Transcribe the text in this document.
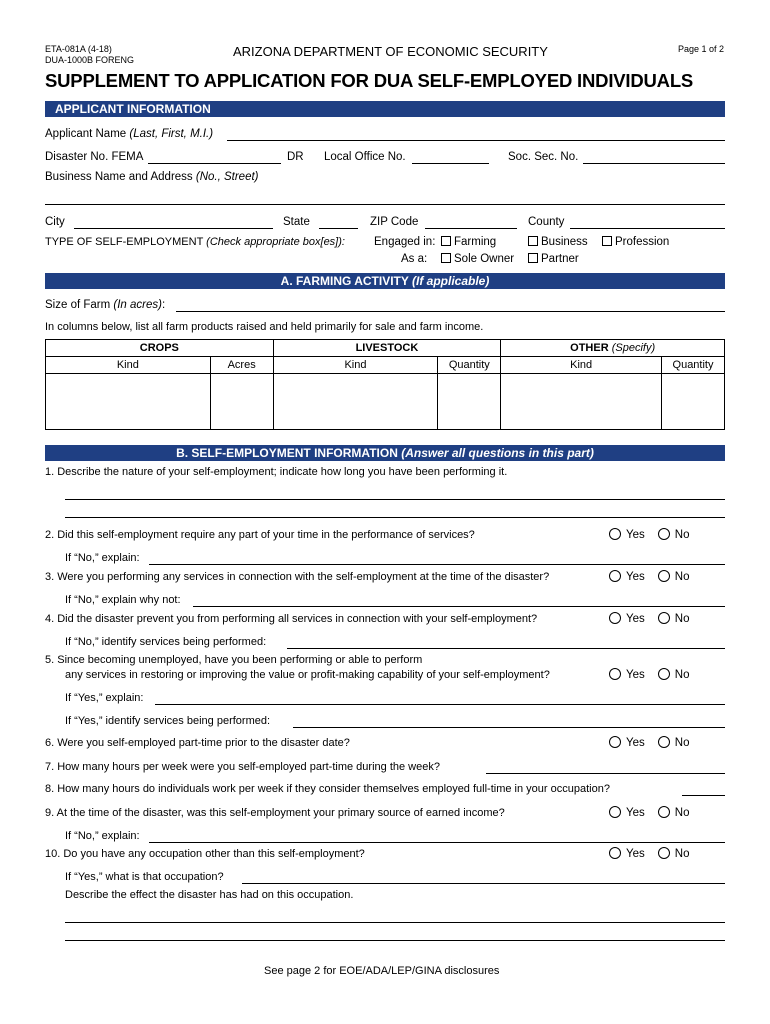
ETA-081A (4-18)
DUA-1000B FORENG
ARIZONA DEPARTMENT OF ECONOMIC SECURITY	Page 1 of 2
SUPPLEMENT TO APPLICATION FOR DUA SELF-EMPLOYED INDIVIDUALS
APPLICANT INFORMATION
Applicant Name (Last, First, M.I.)
Disaster No. FEMA	DR Local Office No.	Soc. Sec. No.
Business Name and Address (No., Street)
City	State	ZIP Code	County
TYPE OF SELF-EMPLOYMENT (Check appropriate box[es]):	Engaged in:	Farming	Business	Profession
As a:	Sole Owner	Partner
A. FARMING ACTIVITY (If applicable)
Size of Farm (In acres):
In columns below, list all farm products raised and held primarily for sale and farm income.
CROPS		LIVESTOCK		OTHER (Specify)	
Kind	Acres	Kind	Quantity	Kind	Quantity

B. SELF-EMPLOYMENT INFORMATION (Answer all questions in this part)
1. Describe the nature of your self-employment; indicate how long you have been performing it.
2. Did this self-employment require any part of your time in the performance of services?	Yes	No
If “No,” explain:
3. Were you performing any services in connection with the self-employment at the time of the disaster?	Yes	No
If “No,” explain why not:
4. Did the disaster prevent you from performing all services in connection with your self-employment?	Yes	No
If “No,” identify services being performed:
5. Since becoming unemployed, have you been performing or able to perform
any services in restoring or improving the value or profit-making capability of your self-employment?	Yes	No
If “Yes,” explain:
If “Yes,” identify services being performed:
6. Were you self-employed part-time prior to the disaster date?	Yes	No
7. How many hours per week were you self-employed part-time during the week?
8. How many hours do individuals work per week if they consider themselves employed full-time in your occupation?
9. At the time of the disaster, was this self-employment your primary source of earned income?	Yes	No
If “No,” explain:
10. Do you have any occupation other than this self-employment?	Yes	No
If “Yes,” what is that occupation?
Describe the effect the disaster has had on this occupation.
See page 2 for EOE/ADA/LEP/GINA disclosures
